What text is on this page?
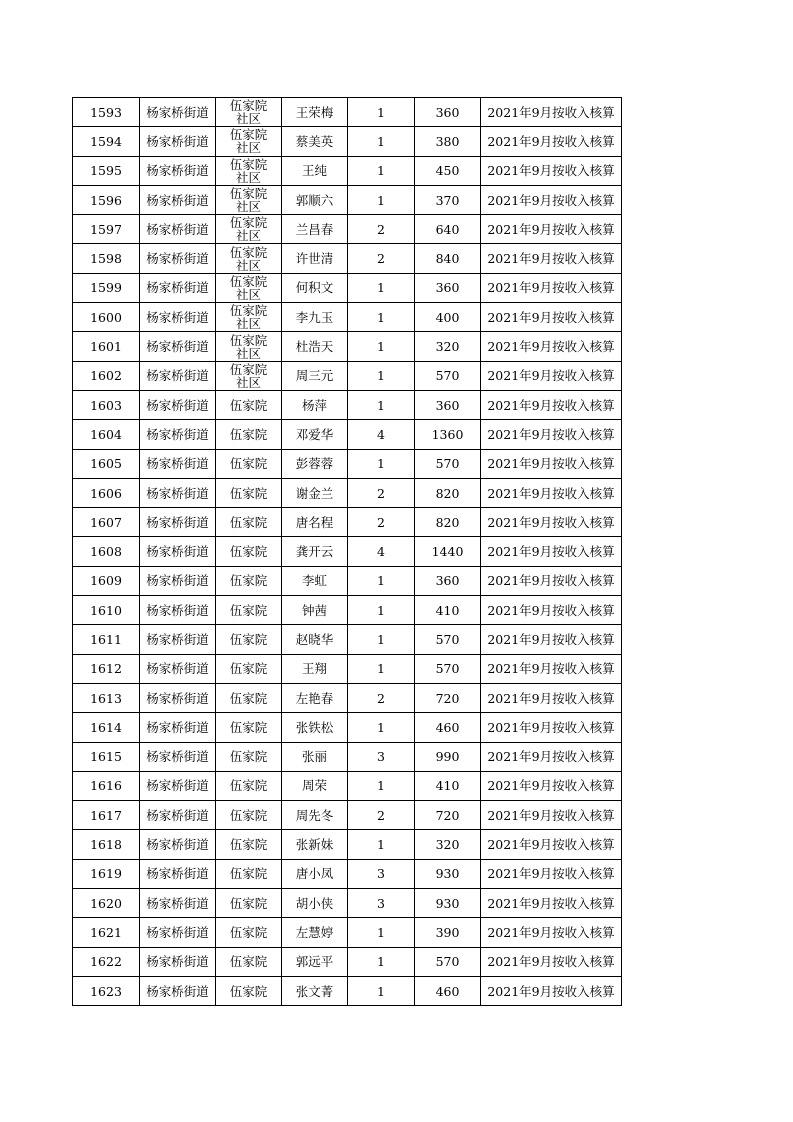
1593	杨家桥街道	伍家院社区	王荣梅	1	360	2021年9月按收入核算
1594	杨家桥街道	伍家院社区	蔡美英	1	380	2021年9月按收入核算
1595	杨家桥街道	伍家院社区	王纯	1	450	2021年9月按收入核算
1596	杨家桥街道	伍家院社区	郭顺六	1	370	2021年9月按收入核算
1597	杨家桥街道	伍家院社区	兰昌春	2	640	2021年9月按收入核算
1598	杨家桥街道	伍家院社区	许世清	2	840	2021年9月按收入核算
1599	杨家桥街道	伍家院社区	何积文	1	360	2021年9月按收入核算
1600	杨家桥街道	伍家院社区	李九玉	1	400	2021年9月按收入核算
1601	杨家桥街道	伍家院社区	杜浩天	1	320	2021年9月按收入核算
1602	杨家桥街道	伍家院社区	周三元	1	570	2021年9月按收入核算
1603	杨家桥街道	伍家院	杨萍	1	360	2021年9月按收入核算
1604	杨家桥街道	伍家院	邓爱华	4	1360	2021年9月按收入核算
1605	杨家桥街道	伍家院	彭蓉蓉	1	570	2021年9月按收入核算
1606	杨家桥街道	伍家院	谢金兰	2	820	2021年9月按收入核算
1607	杨家桥街道	伍家院	唐名程	2	820	2021年9月按收入核算
1608	杨家桥街道	伍家院	龚开云	4	1440	2021年9月按收入核算
1609	杨家桥街道	伍家院	李虹	1	360	2021年9月按收入核算
1610	杨家桥街道	伍家院	钟茜	1	410	2021年9月按收入核算
1611	杨家桥街道	伍家院	赵晓华	1	570	2021年9月按收入核算
1612	杨家桥街道	伍家院	王翔	1	570	2021年9月按收入核算
1613	杨家桥街道	伍家院	左艳春	2	720	2021年9月按收入核算
1614	杨家桥街道	伍家院	张铁松	1	460	2021年9月按收入核算
1615	杨家桥街道	伍家院	张丽	3	990	2021年9月按收入核算
1616	杨家桥街道	伍家院	周荣	1	410	2021年9月按收入核算
1617	杨家桥街道	伍家院	周先冬	2	720	2021年9月按收入核算
1618	杨家桥街道	伍家院	张新妹	1	320	2021年9月按收入核算
1619	杨家桥街道	伍家院	唐小凤	3	930	2021年9月按收入核算
1620	杨家桥街道	伍家院	胡小侠	3	930	2021年9月按收入核算
1621	杨家桥街道	伍家院	左慧婷	1	390	2021年9月按收入核算
1622	杨家桥街道	伍家院	郭远平	1	570	2021年9月按收入核算
1623	杨家桥街道	伍家院	张文菁	1	460	2021年9月按收入核算
